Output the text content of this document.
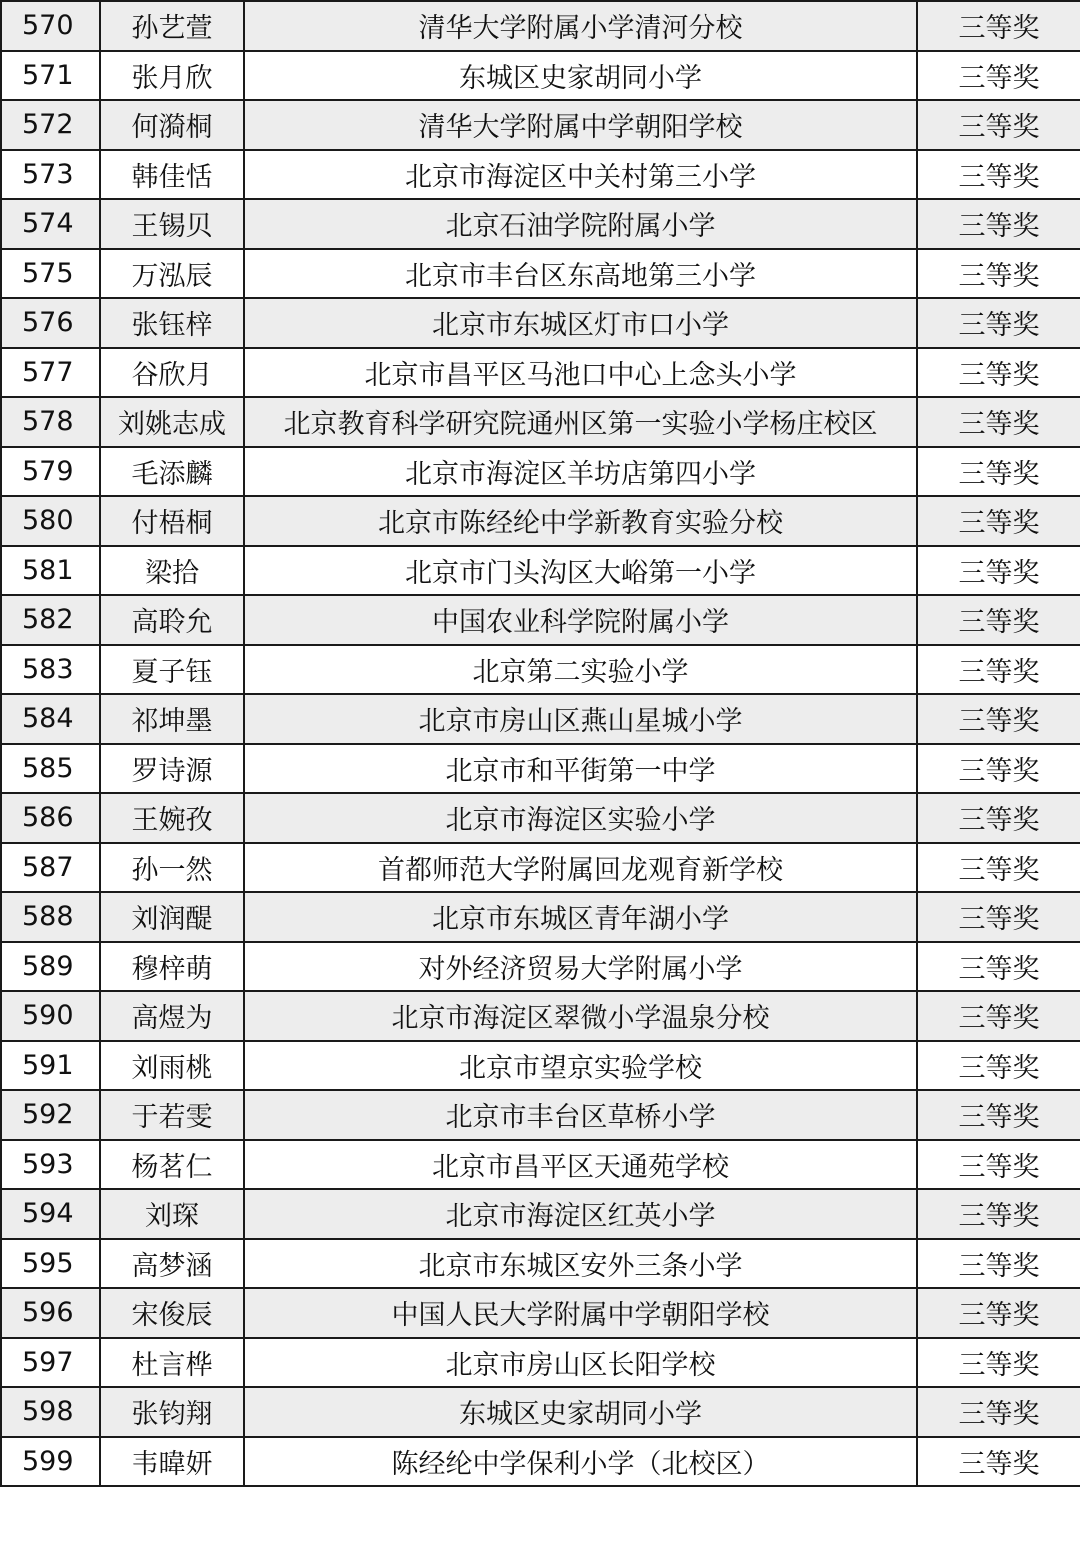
570	孙艺萱	清华大学附属小学清河分校	三等奖
571	张月欣	东城区史家胡同小学	三等奖
572	何漪桐	清华大学附属中学朝阳学校	三等奖
573	韩佳恬	北京市海淀区中关村第三小学	三等奖
574	王锡贝	北京石油学院附属小学	三等奖
575	万泓辰	北京市丰台区东高地第三小学	三等奖
576	张钰梓	北京市东城区灯市口小学	三等奖
577	谷欣月	北京市昌平区马池口中心上念头小学	三等奖
578	刘姚志成	北京教育科学研究院通州区第一实验小学杨庄校区	三等奖
579	毛添麟	北京市海淀区羊坊店第四小学	三等奖
580	付梧桐	北京市陈经纶中学新教育实验分校	三等奖
581	梁拾	北京市门头沟区大峪第一小学	三等奖
582	高聆允	中国农业科学院附属小学	三等奖
583	夏子钰	北京第二实验小学	三等奖
584	祁坤墨	北京市房山区燕山星城小学	三等奖
585	罗诗源	北京市和平街第一中学	三等奖
586	王婉孜	北京市海淀区实验小学	三等奖
587	孙一然	首都师范大学附属回龙观育新学校	三等奖
588	刘润醍	北京市东城区青年湖小学	三等奖
589	穆梓萌	对外经济贸易大学附属小学	三等奖
590	高煜为	北京市海淀区翠微小学温泉分校	三等奖
591	刘雨桃	北京市望京实验学校	三等奖
592	于若雯	北京市丰台区草桥小学	三等奖
593	杨茗仁	北京市昌平区天通苑学校	三等奖
594	刘琛	北京市海淀区红英小学	三等奖
595	高梦涵	北京市东城区安外三条小学	三等奖
596	宋俊辰	中国人民大学附属中学朝阳学校	三等奖
597	杜言桦	北京市房山区长阳学校	三等奖
598	张钧翔	东城区史家胡同小学	三等奖
599	韦暐妍	陈经纶中学保利小学（北校区）	三等奖
